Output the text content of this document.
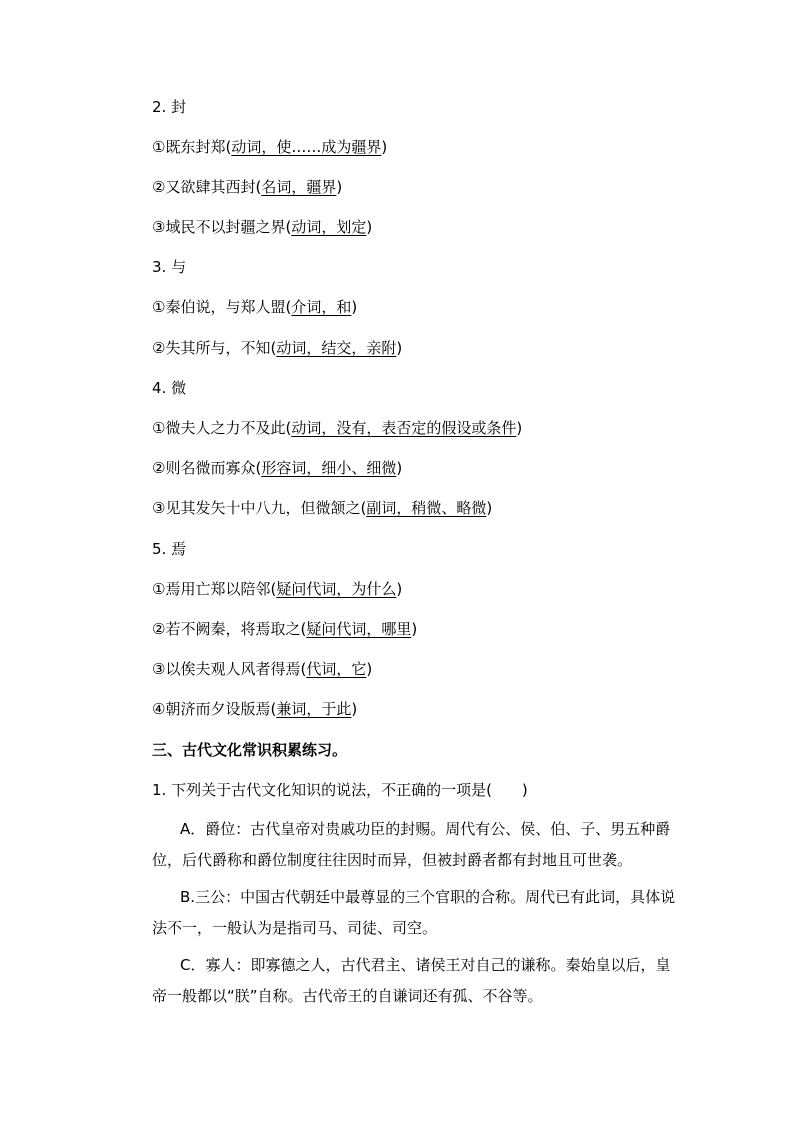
2. 封
①既东封郑(动词，使……成为疆界)
②又欲肆其西封(名词，疆界)
③域民不以封疆之界(动词，划定)
3. 与
①秦伯说，与郑人盟(介词，和)
②失其所与，不知(动词，结交，亲附)
4. 微
①微夫人之力不及此(动词，没有，表否定的假设或条件)
②则名微而寡众(形容词，细小、细微)
③见其发矢十中八九，但微颔之(副词，稍微、略微)
5. 焉
①焉用亡郑以陪邻(疑问代词，为什么)
②若不阙秦，将焉取之(疑问代词，哪里)
③以俟夫观人风者得焉(代词，它)
④朝济而夕设版焉(兼词，于此)
三、古代文化常识积累练习。
1. 下列关于古代文化知识的说法，不正确的一项是(　　)
A．爵位：古代皇帝对贵戚功臣的封赐。周代有公、侯、伯、子、男五种爵位，后代爵称和爵位制度往往因时而异，但被封爵者都有封地且可世袭。
B.三公：中国古代朝廷中最尊显的三个官职的合称。周代已有此词，具体说法不一，一般认为是指司马、司徒、司空。
C．寡人：即寡德之人，古代君主、诸侯王对自己的谦称。秦始皇以后，皇帝一般都以“朕”自称。古代帝王的自谦词还有孤、不谷等。
